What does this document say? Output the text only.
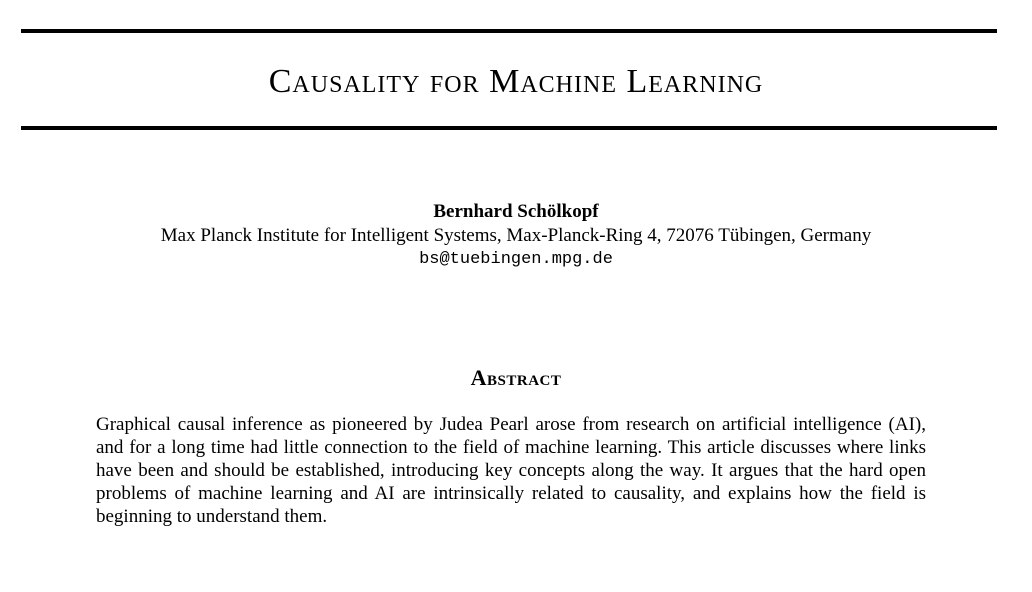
Causality for Machine Learning
Bernhard Schölkopf
Max Planck Institute for Intelligent Systems, Max-Planck-Ring 4, 72076 Tübingen, Germany
bs@tuebingen.mpg.de
Abstract

Graphical causal inference as pioneered by Judea Pearl arose from research on artificial intelligence (AI), and for a long time had little connection to the field of machine learning. This article discusses where links have been and should be established, introducing key concepts along the way. It argues that the hard open problems of machine learning and AI are intrinsically related to causality, and explains how the field is beginning to understand them.
